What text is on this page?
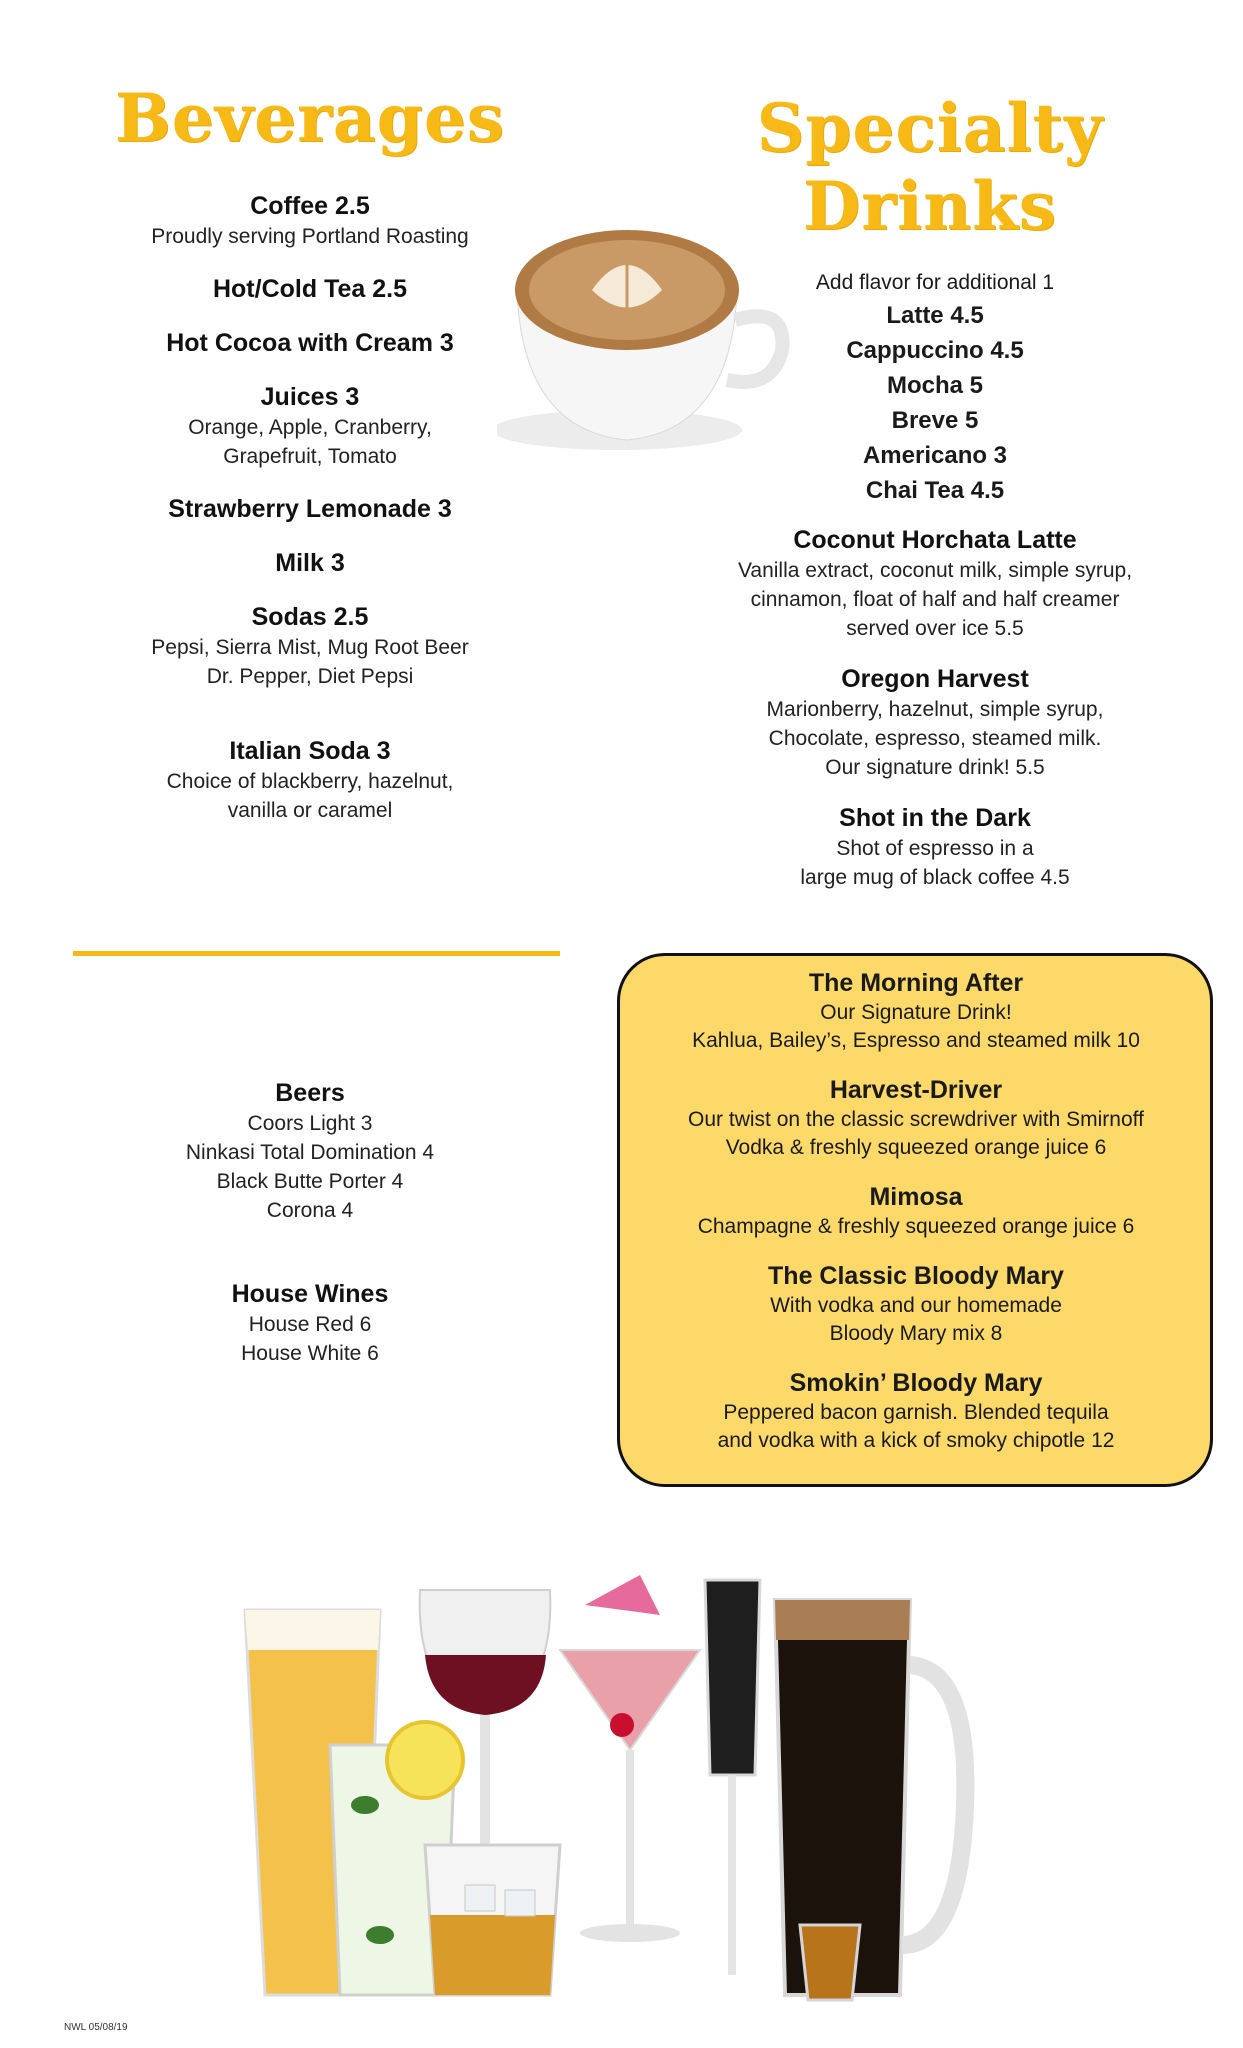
Beverages	Specialty
Drinks
Coffee 2.5
Proudly serving Portland Roasting
Hot/Cold Tea 2.5
Hot Cocoa with Cream 3
Juices 3
Orange, Apple, Cranberry,
Grapefruit, Tomato
Strawberry Lemonade 3
Milk 3
Sodas 2.5
Pepsi, Sierra Mist, Mug Root Beer
Dr. Pepper, Diet Pepsi
Italian Soda 3
Choice of blackberry, hazelnut,
vanilla or caramel
Add flavor for additional 1
Latte 4.5
Cappuccino 4.5
Mocha 5
Breve 5
Americano 3
Chai Tea 4.5
Coconut Horchata Latte
Vanilla extract, coconut milk, simple syrup,
cinnamon, float of half and half creamer
served over ice 5.5
Oregon Harvest
Marionberry, hazelnut, simple syrup,
Chocolate, espresso, steamed milk.
Our signature drink! 5.5
Shot in the Dark
Shot of espresso in a
large mug of black coffee 4.5
The Morning After
Our Signature Drink!
Kahlua, Bailey’s, Espresso and steamed milk 10
Harvest-Driver
Our twist on the classic screwdriver with Smirnoff
Vodka & freshly squeezed orange juice 6
Mimosa
Champagne & freshly squeezed orange juice 6
The Classic Bloody Mary
With vodka and our homemade
Bloody Mary mix 8
Smokin’ Bloody Mary
Peppered bacon garnish. Blended tequila
and vodka with a kick of smoky chipotle 12
Beers
Coors Light 3
Ninkasi Total Domination 4
Black Butte Porter 4
Corona 4
House Wines
House Red 6
House White 6
NWL 05/08/19
